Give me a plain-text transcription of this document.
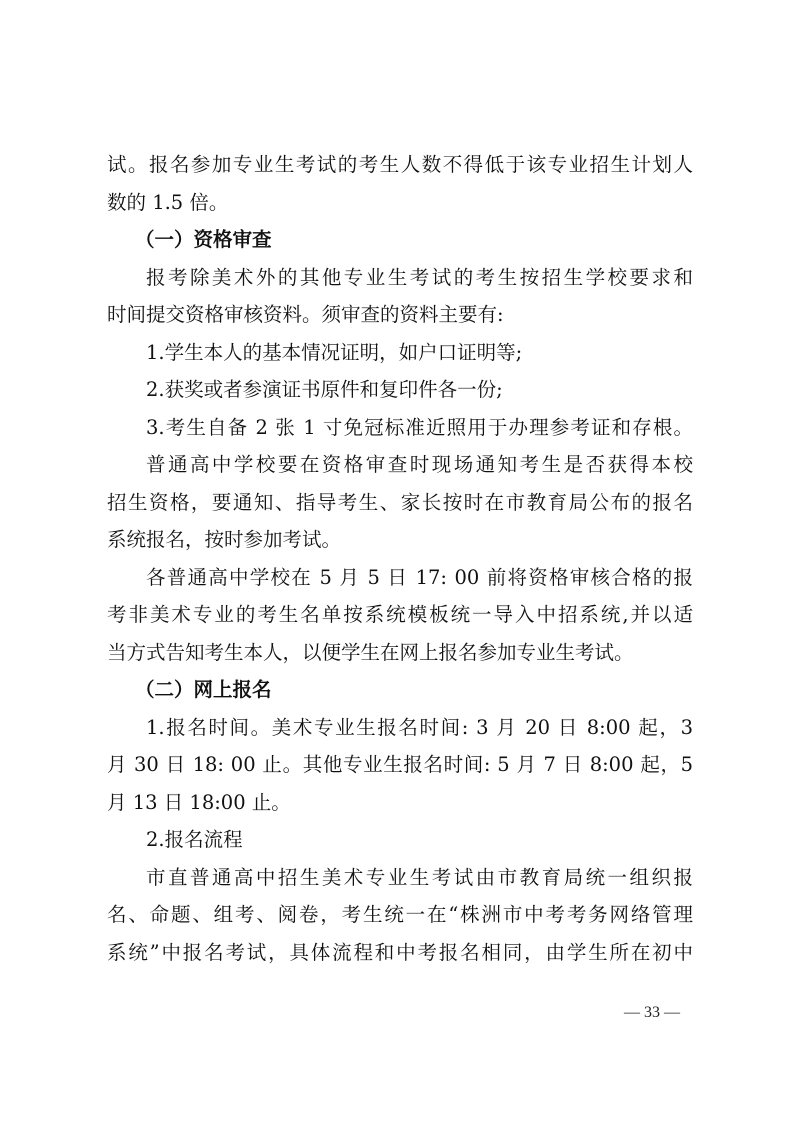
试。报名参加专业生考试的考生人数不得低于该专业招生计划人
数的 1.5 倍。
（一）资格审查
报考除美术外的其他专业生考试的考生按招生学校要求和
时间提交资格审核资料。须审查的资料主要有:
1.学生本人的基本情况证明，如户口证明等;
2.获奖或者参演证书原件和复印件各一份;
3.考生自备 2 张 1 寸免冠标准近照用于办理参考证和存根。
普通高中学校要在资格审查时现场通知考生是否获得本校
招生资格，要通知、指导考生、家长按时在市教育局公布的报名
系统报名，按时参加考试。
各普通高中学校在 5 月 5 日 17: 00 前将资格审核合格的报
考非美术专业的考生名单按系统模板统一导入中招系统,并以适
当方式告知考生本人，以便学生在网上报名参加专业生考试。
（二）网上报名
1.报名时间。美术专业生报名时间: 3 月 20 日 8:00 起，3
月 30 日 18: 00 止。其他专业生报名时间: 5 月 7 日 8:00 起，5
月 13 日 18:00 止。
2.报名流程
市直普通高中招生美术专业生考试由市教育局统一组织报
名、命题、组考、阅卷，考生统一在“株洲市中考考务网络管理
系统”中报名考试，具体流程和中考报名相同，由学生所在初中
— 33 —
